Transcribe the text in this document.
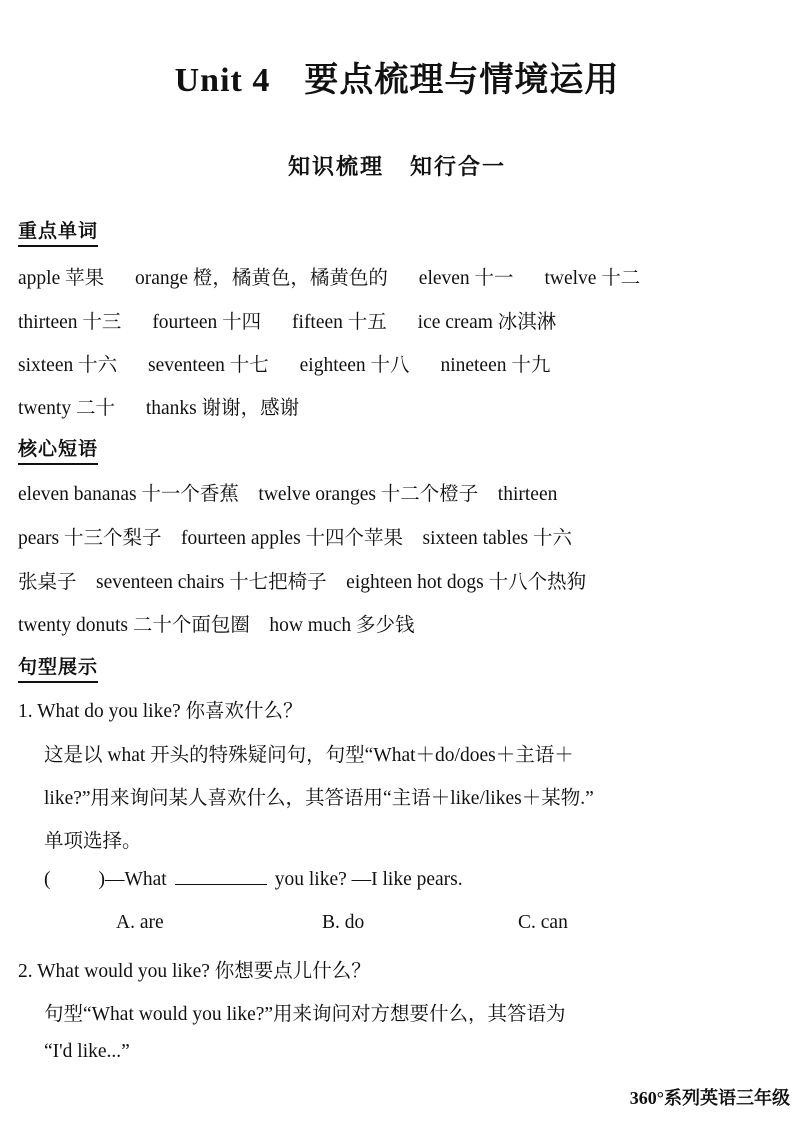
Unit 4 要点梳理与情境运用
知识梳理 知行合一
重点单词
apple 苹果 orange 橙，橘黄色，橘黄色的 eleven 十一 twelve 十二
thirteen 十三 fourteen 十四 fifteen 十五 ice cream 冰淇淋
sixteen 十六 seventeen 十七 eighteen 十八 nineteen 十九
twenty 二十 thanks 谢谢，感谢
核心短语
eleven bananas 十一个香蕉    twelve oranges 十二个橙子    thirteen
pears 十三个梨子    fourteen apples 十四个苹果    sixteen tables 十六
张桌子    seventeen chairs 十七把椅子    eighteen hot dogs 十八个热狗
twenty donuts 二十个面包圈    how much 多少钱
句型展示
1. What do you like? 你喜欢什么？
这是以 what 开头的特殊疑问句，句型“What＋do/does＋主语＋
like?”用来询问某人喜欢什么，其答语用“主语＋like/likes＋某物.”
单项选择。
( )—What	you like? —I like pears.
A. are	B. do	C. can
2. What would you like? 你想要点儿什么？
句型“What would you like?”用来询问对方想要什么，其答语为
“I'd like...”
360°系列英语三年级
